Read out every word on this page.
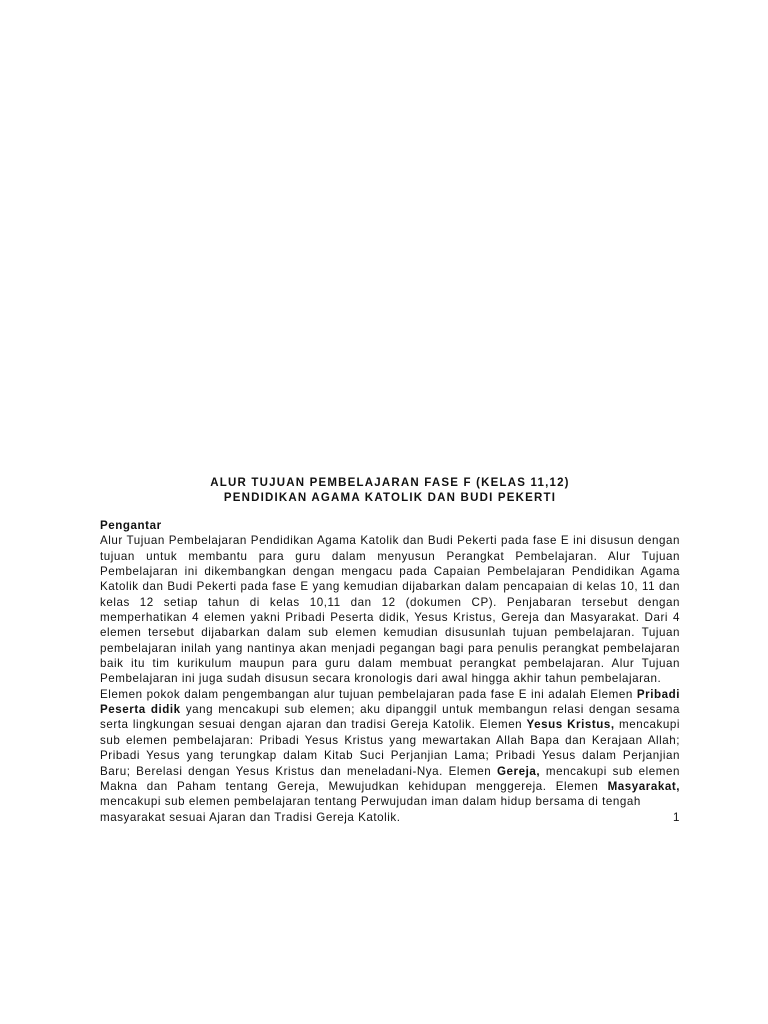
ALUR TUJUAN PEMBELAJARAN FASE F (KELAS 11,12)
PENDIDIKAN AGAMA KATOLIK DAN BUDI PEKERTI
Pengantar

Alur Tujuan Pembelajaran Pendidikan Agama Katolik dan Budi Pekerti pada fase E ini disusun dengan tujuan untuk membantu para guru dalam menyusun Perangkat Pembelajaran. Alur Tujuan Pembelajaran ini dikembangkan dengan mengacu pada Capaian Pembelajaran Pendidikan Agama Katolik dan Budi Pekerti pada fase E yang kemudian dijabarkan dalam pencapaian di kelas 10, 11 dan kelas 12 setiap tahun di kelas 10,11 dan 12 (dokumen CP). Penjabaran tersebut dengan memperhatikan 4 elemen yakni Pribadi Peserta didik, Yesus Kristus, Gereja dan Masyarakat. Dari 4 elemen tersebut dijabarkan dalam sub elemen kemudian disusunlah tujuan pembelajaran. Tujuan pembelajaran inilah yang nantinya akan menjadi pegangan bagi para penulis perangkat pembelajaran baik itu tim kurikulum maupun para guru dalam membuat perangkat pembelajaran. Alur Tujuan Pembelajaran ini juga sudah disusun secara kronologis dari awal hingga akhir tahun pembelajaran.

Elemen pokok dalam pengembangan alur tujuan pembelajaran pada fase E ini adalah Elemen Pribadi Peserta didik yang mencakupi sub elemen; aku dipanggil untuk membangun relasi dengan sesama serta lingkungan sesuai dengan ajaran dan tradisi Gereja Katolik. Elemen Yesus Kristus, mencakupi sub elemen pembelajaran: Pribadi Yesus Kristus yang mewartakan Allah Bapa dan Kerajaan Allah; Pribadi Yesus yang terungkap dalam Kitab Suci Perjanjian Lama; Pribadi Yesus dalam Perjanjian Baru; Berelasi dengan Yesus Kristus dan meneladani-Nya. Elemen Gereja, mencakupi sub elemen Makna dan Paham tentang Gereja, Mewujudkan kehidupan menggereja. Elemen Masyarakat, mencakupi sub elemen pembelajaran tentang Perwujudan iman dalam hidup bersama di tengah

masyarakat sesuai Ajaran dan Tradisi Gereja Katolik.	1
